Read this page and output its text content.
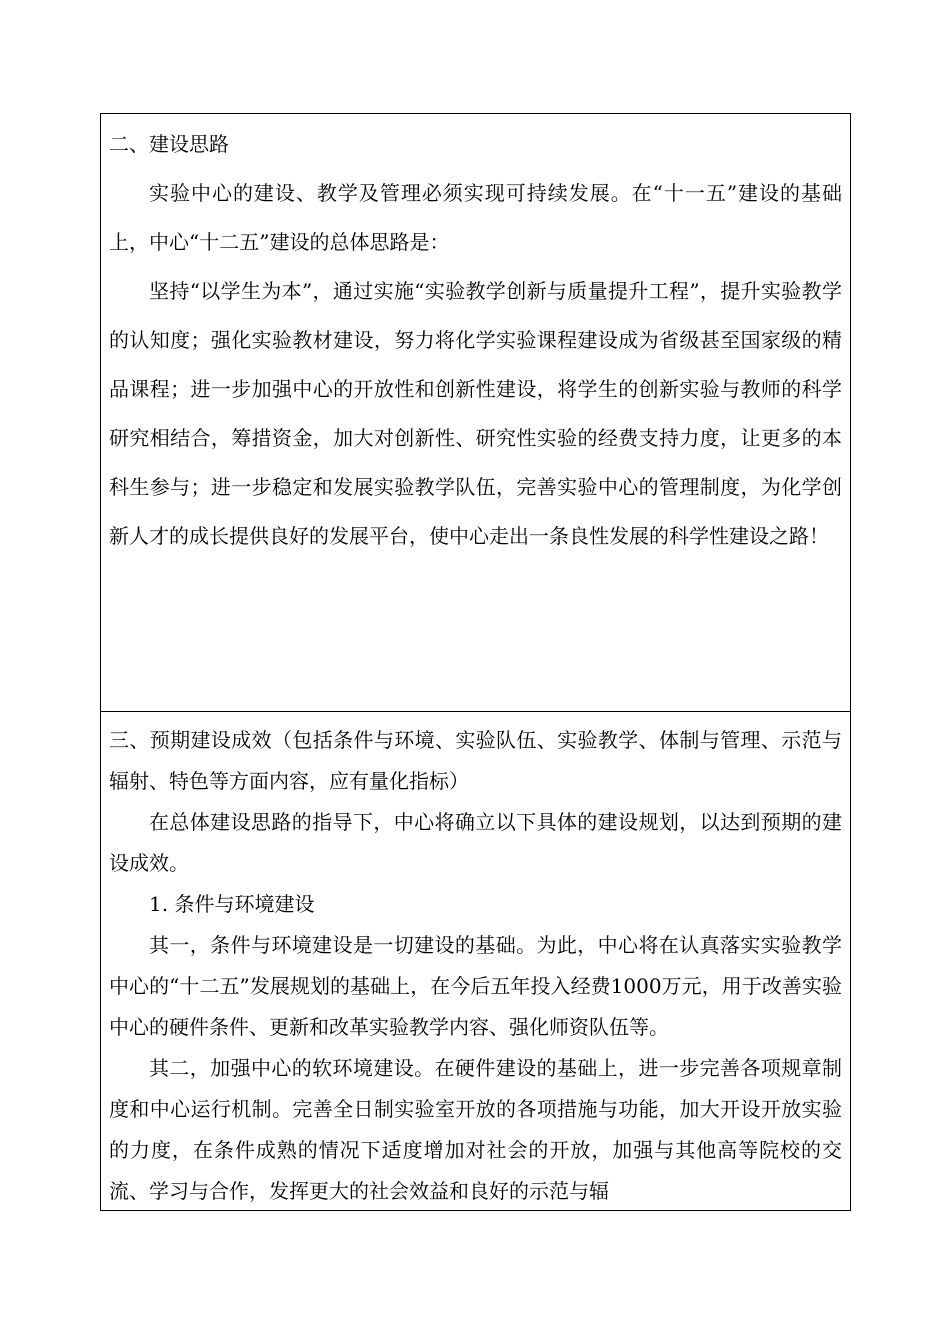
二、建设思路

实验中心的建设、教学及管理必须实现可持续发展。在“十一五”建设的基础上，中心“十二五”建设的总体思路是：

坚持“以学生为本”，通过实施“实验教学创新与质量提升工程”，提升实验教学的认知度；强化实验教材建设，努力将化学实验课程建设成为省级甚至国家级的精品课程；进一步加强中心的开放性和创新性建设，将学生的创新实验与教师的科学研究相结合，筹措资金，加大对创新性、研究性实验的经费支持力度，让更多的本科生参与；进一步稳定和发展实验教学队伍，完善实验中心的管理制度，为化学创新人才的成长提供良好的发展平台，使中心走出一条良性发展的科学性建设之路！

三、预期建设成效（包括条件与环境、实验队伍、实验教学、体制与管理、示范与辐射、特色等方面内容，应有量化指标）

在总体建设思路的指导下，中心将确立以下具体的建设规划，以达到预期的建设成效。

1. 条件与环境建设

其一，条件与环境建设是一切建设的基础。为此，中心将在认真落实实验教学中心的“十二五”发展规划的基础上，在今后五年投入经费1000万元，用于改善实验中心的硬件条件、更新和改革实验教学内容、强化师资队伍等。

其二，加强中心的软环境建设。在硬件建设的基础上，进一步完善各项规章制度和中心运行机制。完善全日制实验室开放的各项措施与功能，加大开设开放实验的力度，在条件成熟的情况下适度增加对社会的开放，加强与其他高等院校的交流、学习与合作，发挥更大的社会效益和良好的示范与辐
